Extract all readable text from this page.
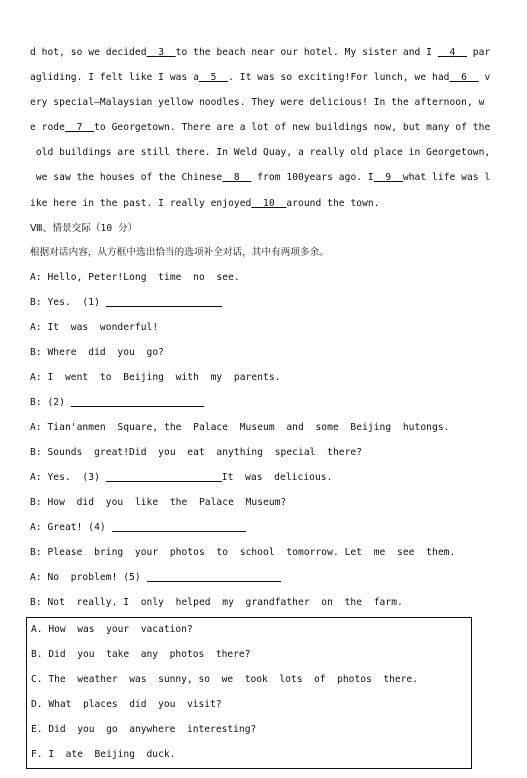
d hot, so we decided 3 to the beach near our hotel. My sister and I   4   par
agliding. I felt like I was a 5 . It was so exciting!For lunch, we had 6   v
ery special—Malaysian yellow noodles. They were delicious! In the afternoon, w
e rode 7 to Georgetown. There are a lot of new buildings now, but many of the
old buildings are still there. In Weld Quay, a really old place in Georgetown,
we saw the houses of the Chinese 8   from 100years ago. I 9 what life was l
ike here in the past. I really enjoyed 10 around the town.
Ⅷ、情景交际（10 分）
根据对话内容，从方框中选出恰当的选项补全对话，其中有两项多余。
A: Hello, Peter!Long  time  no  see.
B: Yes.  (1)
A: It  was  wonderful!
B: Where  did  you  go?
A: I  went  to  Beijing  with  my  parents.
B: (2)
A: Tian'anmen  Square, the  Palace  Museum  and  some  Beijing  hutongs.
B: Sounds  great!Did  you  eat  anything  special  there?
A: Yes.  (3)	It  was  delicious.
B: How  did  you  like  the  Palace  Museum?
A: Great! (4)
B: Please  bring  your  photos  to  school  tomorrow. Let  me  see  them.
A: No  problem! (5)
B: Not  really. I  only  helped  my  grandfather  on  the  farm.
A. How  was  your  vacation?
B. Did  you  take  any  photos  there?
C. The  weather  was  sunny, so  we  took  lots  of  photos  there.
D. What  places  did  you  visit?
E. Did  you  go  anywhere  interesting?
F. I  ate  Beijing  duck.
